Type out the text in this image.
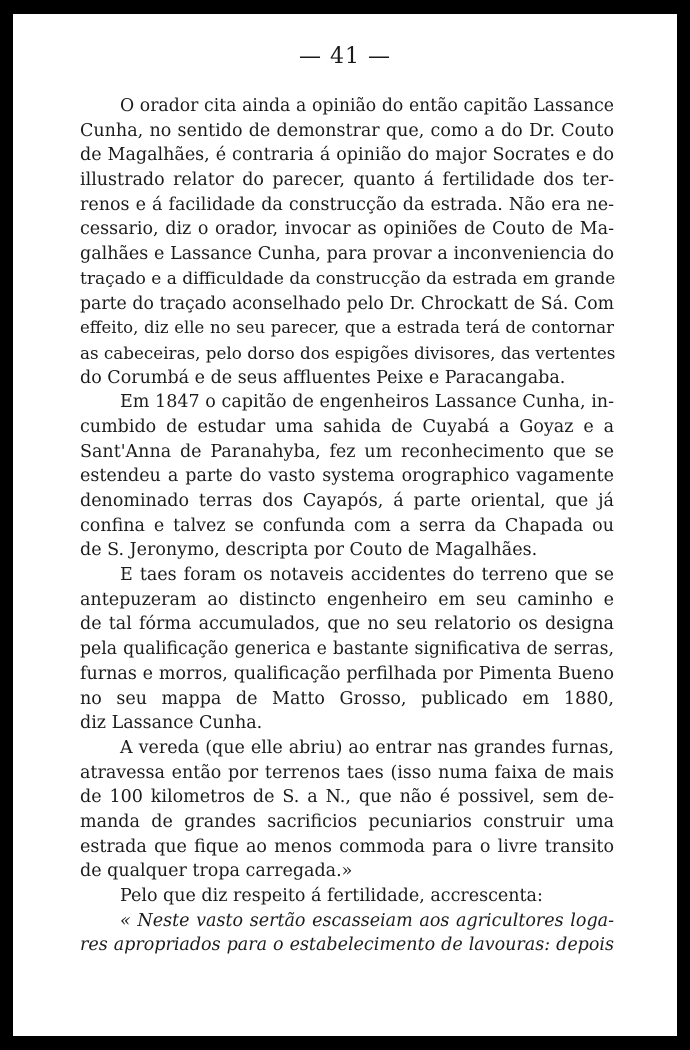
— 41 —
O orador cita ainda a opinião do então capitão Lassance
Cunha, no sentido de demonstrar que, como a do Dr. Couto
de Magalhães, é contraria á opinião do major Socrates e do
illustrado relator do parecer, quanto á fertilidade dos ter-
renos e á facilidade da construcção da estrada. Não era ne-
cessario, diz o orador, invocar as opiniões de Couto de Ma-
galhães e Lassance Cunha, para provar a inconveniencia do
traçado e a difficuldade da construcção da estrada em grande
parte do traçado aconselhado pelo Dr. Chrockatt de Sá. Com
effeito, diz elle no seu parecer, que a estrada terá de contornar
as cabeceiras, pelo dorso dos espigões divisores, das vertentes
do Corumbá e de seus affluentes Peixe e Paracangaba.
Em 1847 o capitão de engenheiros Lassance Cunha, in-
cumbido de estudar uma sahida de Cuyabá a Goyaz e a
Sant'Anna de Paranahyba, fez um reconhecimento que se
estendeu a parte do vasto systema orographico vagamente
denominado terras dos Cayapós, á parte oriental, que já
confina e talvez se confunda com a serra da Chapada ou
de S. Jeronymo, descripta por Couto de Magalhães.
E taes foram os notaveis accidentes do terreno que se
antepuzeram ao distincto engenheiro em seu caminho e
de tal fórma accumulados, que no seu relatorio os designa
pela qualificação generica e bastante significativa de serras,
furnas e morros, qualificação perfilhada por Pimenta Bueno
no seu mappa de Matto Grosso, publicado em 1880,
diz Lassance Cunha.
A vereda (que elle abriu) ao entrar nas grandes furnas,
atravessa então por terrenos taes (isso numa faixa de mais
de 100 kilometros de S. a N., que não é possivel, sem de-
manda de grandes sacrificios pecuniarios construir uma
estrada que fique ao menos commoda para o livre transito
de qualquer tropa carregada.»
Pelo que diz respeito á fertilidade, accrescenta:
« Neste vasto sertão escasseiam aos agricultores loga-
res apropriados para o estabelecimento de lavouras: depois
